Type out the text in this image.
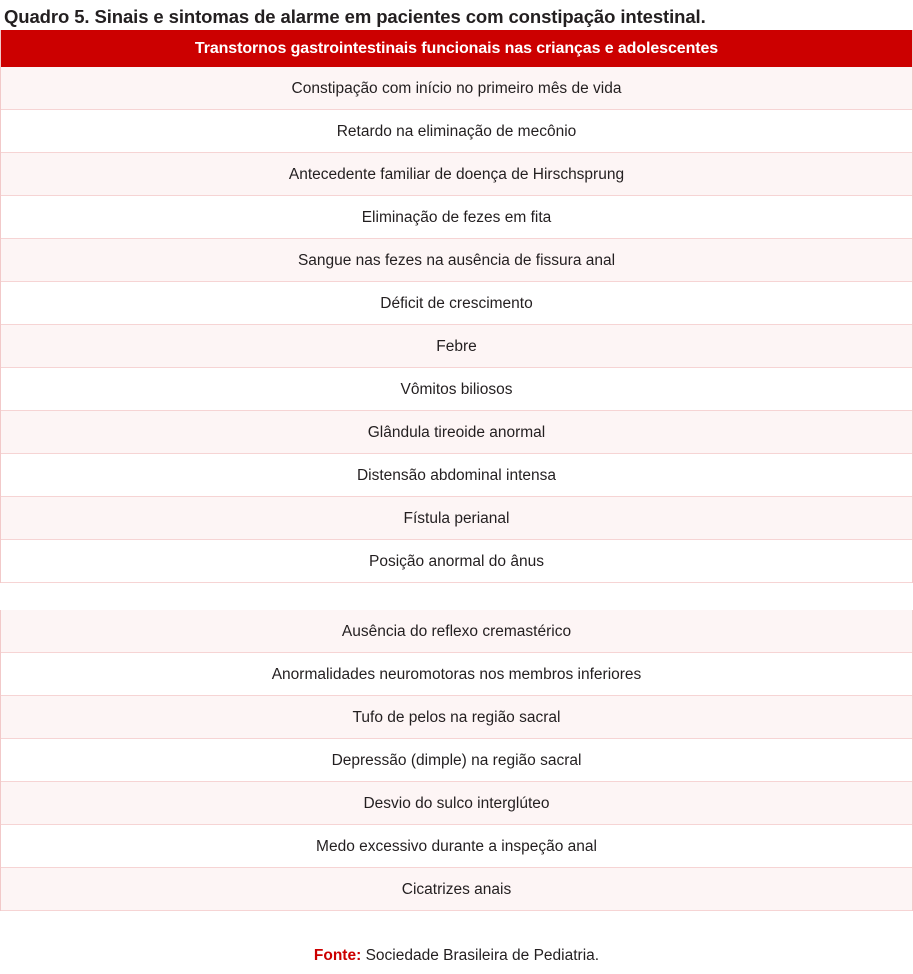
Quadro 5. Sinais e sintomas de alarme em pacientes com constipação intestinal.
Transtornos gastrointestinais funcionais nas crianças e adolescentes
Constipação com início no primeiro mês de vida
Retardo na eliminação de mecônio
Antecedente familiar de doença de Hirschsprung
Eliminação de fezes em fita
Sangue nas fezes na ausência de fissura anal
Déficit de crescimento
Febre
Vômitos biliosos
Glândula tireoide anormal
Distensão abdominal intensa
Fístula perianal
Posição anormal do ânus
Ausência do reflexo cremastérico
Anormalidades neuromotoras nos membros inferiores
Tufo de pelos na região sacral
Depressão (dimple) na região sacral
Desvio do sulco interglúteo
Medo excessivo durante a inspeção anal
Cicatrizes anais
Fonte: Sociedade Brasileira de Pediatria.
